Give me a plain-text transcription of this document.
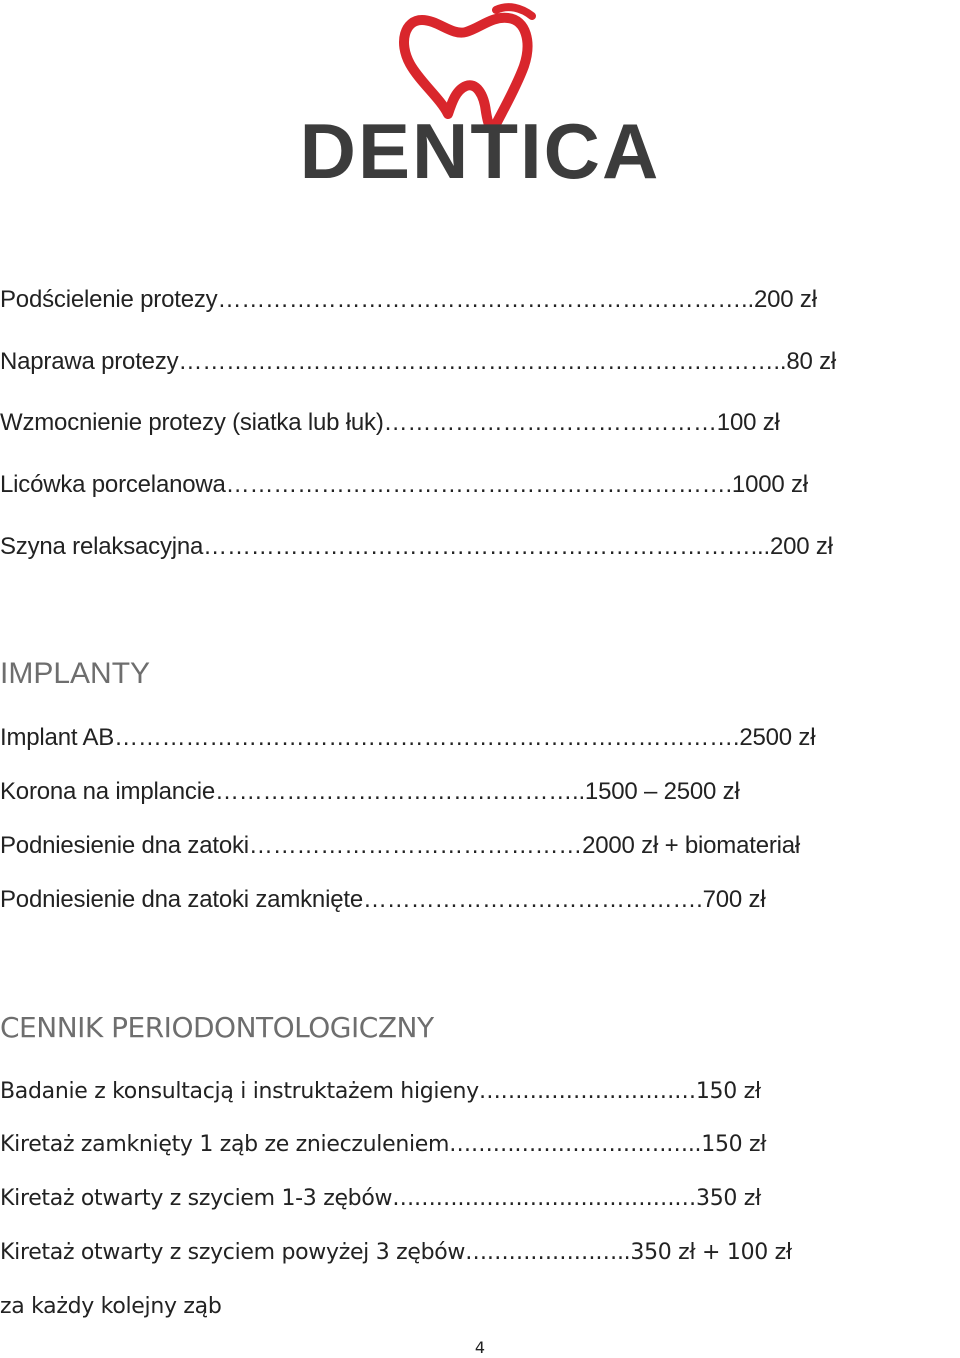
DENTICA

Podścielenie protezy…………………………………………………………..200 zł

Naprawa protezy…………………………………………………………………..80 zł

Wzmocnienie protezy (siatka lub łuk)……………………………………100 zł

Licówka porcelanowa……………………………………………………….1000 zł

Szyna relaksacyjna……………………………………………………………...200 zł

IMPLANTY

Implant AB…………………………………………………………………….2500 zł

Korona na implancie………………………………………..1500 – 2500 zł

Podniesienie dna zatoki……………………………………2000 zł + biomateriał

Podniesienie dna zatoki zamknięte…………………………………….700 zł

CENNIK PERIODONTOLOGICZNY

Badanie z konsultacją i instruktażem higieny…………………………150 zł

Kiretaż zamknięty 1 ząb ze znieczuleniem……………………………..150 zł

Kiretaż otwarty z szyciem 1-3 zębów……………………………………350 zł

Kiretaż otwarty z szyciem powyżej 3 zębów…………………..350 zł + 100 zł

za każdy kolejny ząb

4
